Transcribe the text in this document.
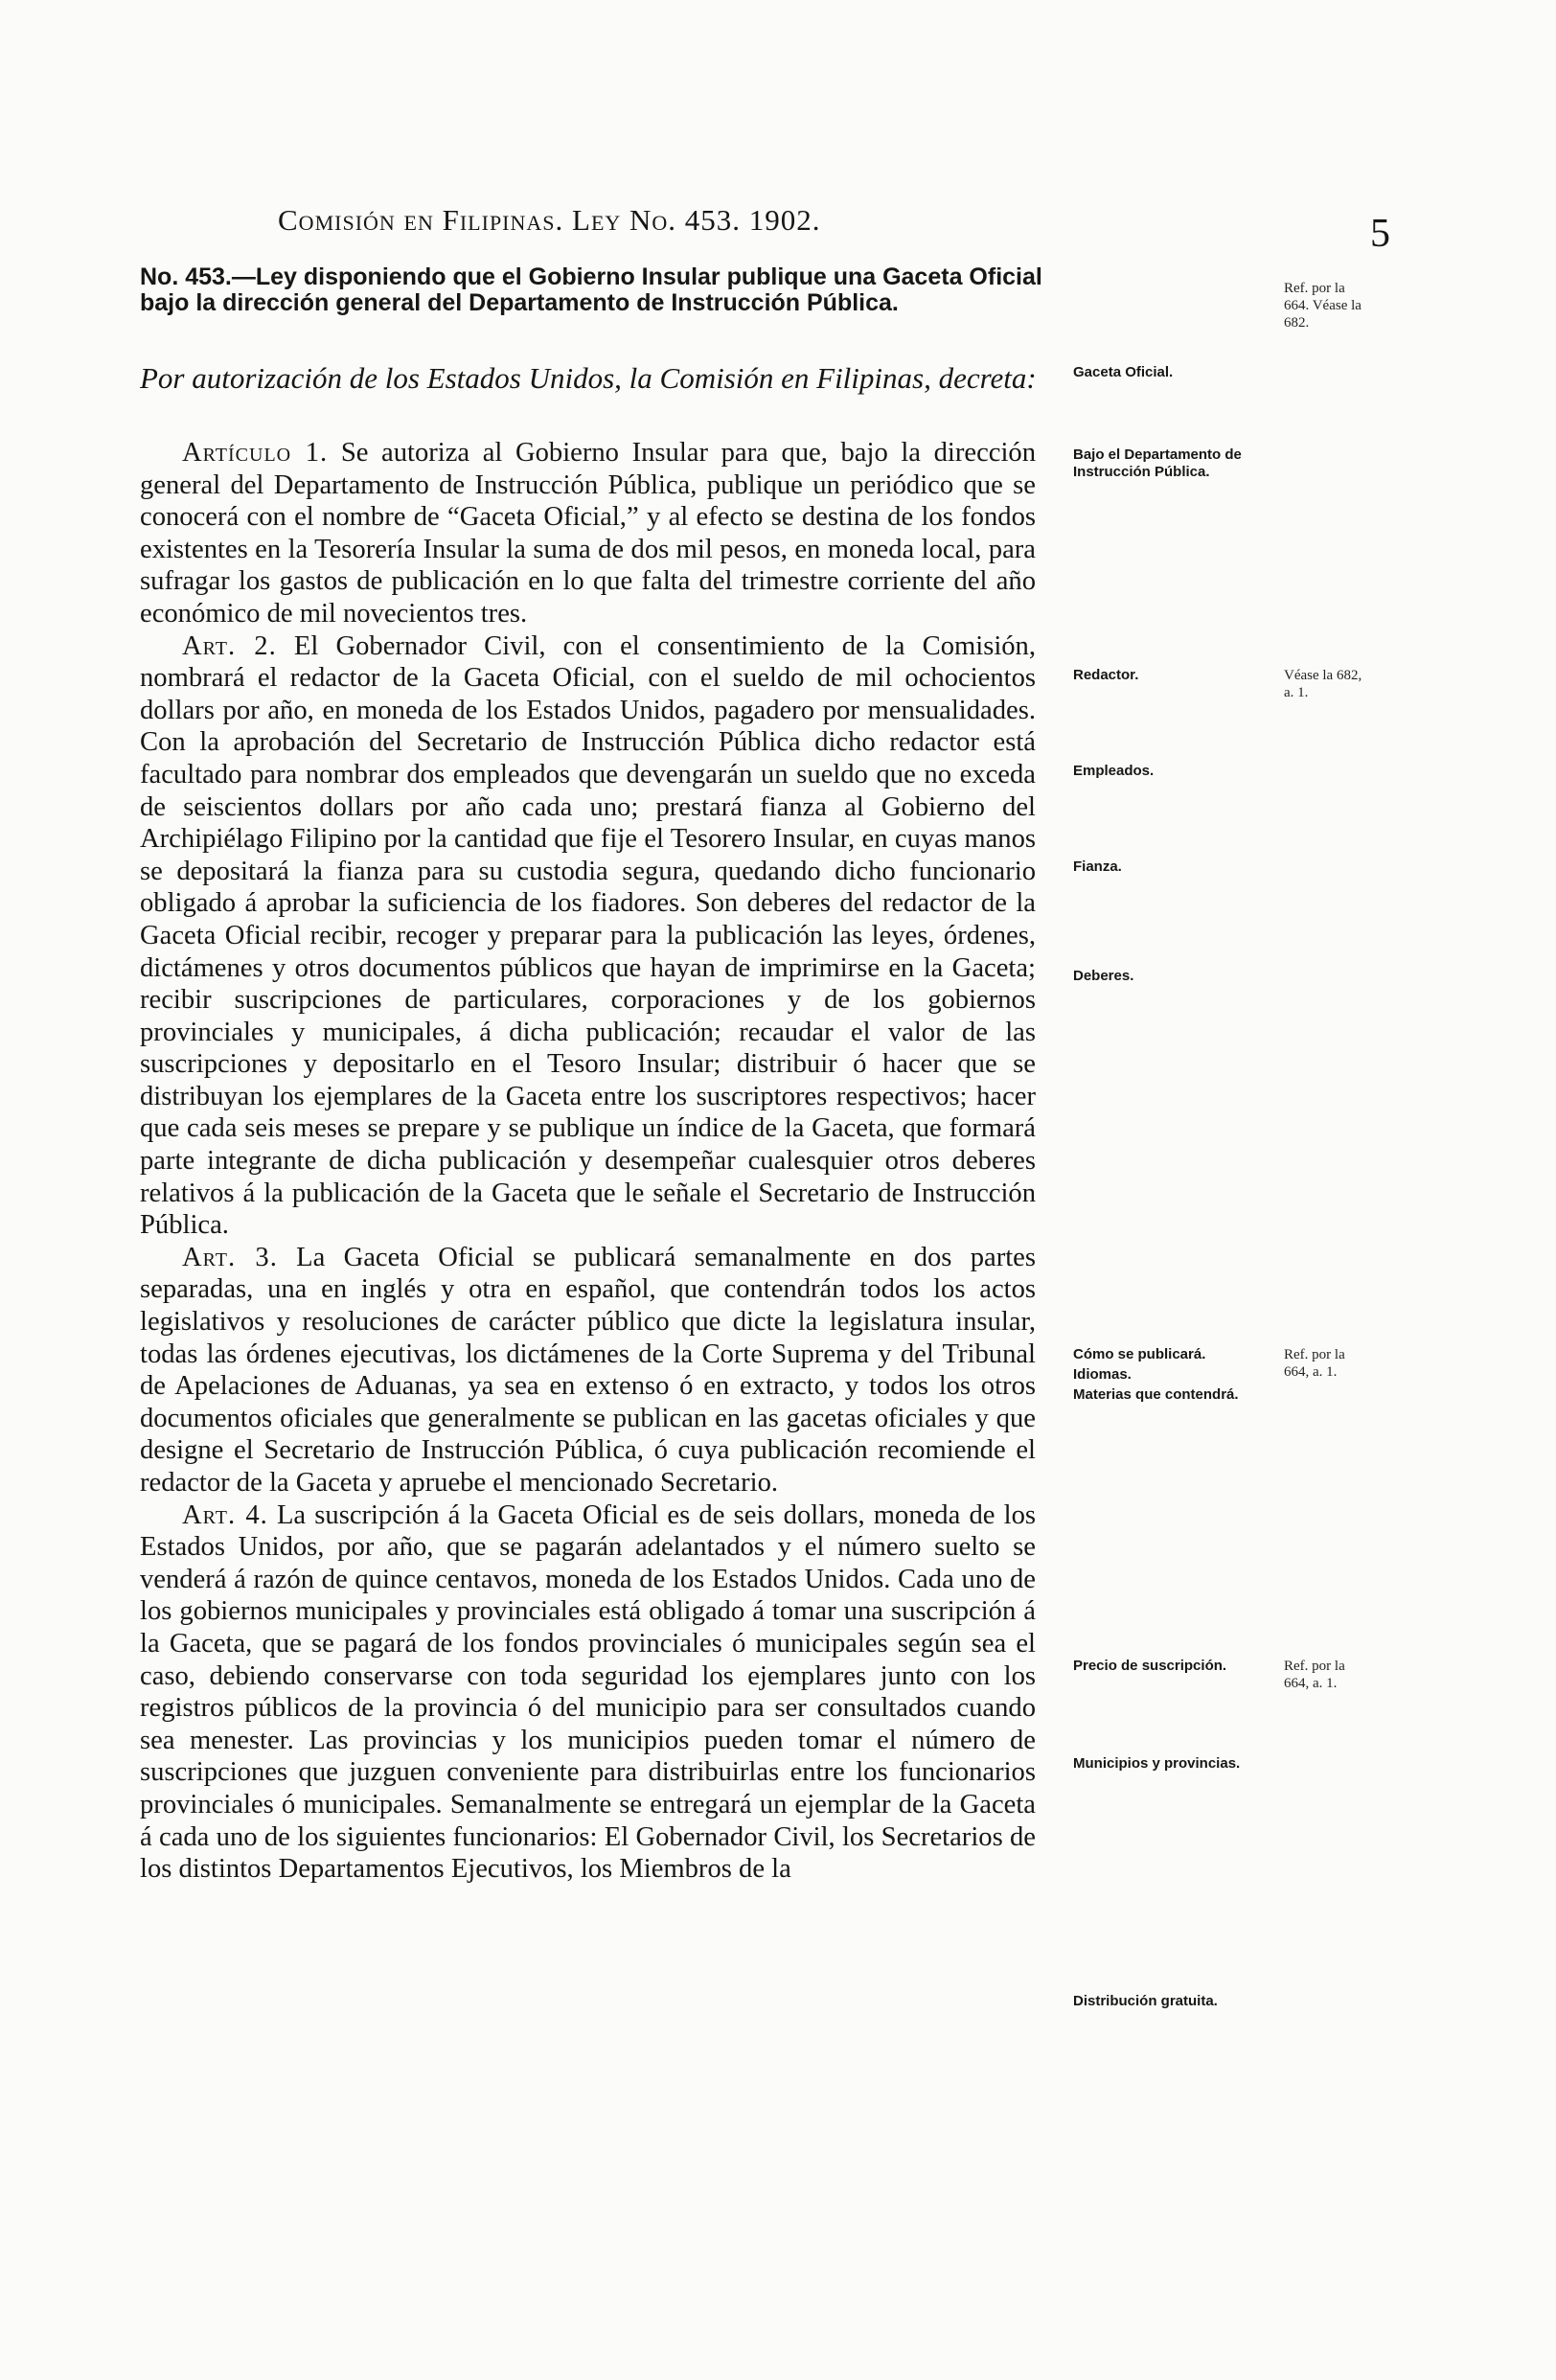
Comisión en Filipinas. Ley No. 453. 1902.	5

No. 453.—Ley disponiendo que el Gobierno Insular publique una Gaceta Oficial bajo la dirección general del Departamento de Instrucción Pública.

Por autorización de los Estados Unidos, la Comisión en Filipinas, decreta:

Artículo 1. Se autoriza al Gobierno Insular para que, bajo la dirección general del Departamento de Instrucción Pública, publique un periódico que se conocerá con el nombre de “Gaceta Oficial,” y al efecto se destina de los fondos existentes en la Tesorería Insular la suma de dos mil pesos, en moneda local, para sufragar los gastos de publicación en lo que falta del trimestre corriente del año económico de mil novecientos tres.

Art. 2. El Gobernador Civil, con el consentimiento de la Comisión, nombrará el redactor de la Gaceta Oficial, con el sueldo de mil ochocientos dollars por año, en moneda de los Estados Unidos, pagadero por mensualidades. Con la aprobación del Secretario de Instrucción Pública dicho redactor está facultado para nombrar dos empleados que devengarán un sueldo que no exceda de seiscientos dollars por año cada uno; prestará fianza al Gobierno del Archipiélago Filipino por la cantidad que fije el Tesorero Insular, en cuyas manos se depositará la fianza para su custodia segura, quedando dicho funcionario obligado á aprobar la suficiencia de los fiadores. Son deberes del redactor de la Gaceta Oficial recibir, recoger y preparar para la publicación las leyes, órdenes, dictámenes y otros documentos públicos que hayan de imprimirse en la Gaceta; recibir suscripciones de particulares, corporaciones y de los gobiernos provinciales y municipales, á dicha publicación; recaudar el valor de las suscripciones y depositarlo en el Tesoro Insular; distribuir ó hacer que se distribuyan los ejemplares de la Gaceta entre los suscriptores respectivos; hacer que cada seis meses se prepare y se publique un índice de la Gaceta, que formará parte integrante de dicha publicación y desempeñar cualesquier otros deberes relativos á la publicación de la Gaceta que le señale el Secretario de Instrucción Pública.

Art. 3. La Gaceta Oficial se publicará semanalmente en dos partes separadas, una en inglés y otra en español, que contendrán todos los actos legislativos y resoluciones de carácter público que dicte la legislatura insular, todas las órdenes ejecutivas, los dictámenes de la Corte Suprema y del Tribunal de Apelaciones de Aduanas, ya sea en extenso ó en extracto, y todos los otros documentos oficiales que generalmente se publican en las gacetas oficiales y que designe el Secretario de Instrucción Pública, ó cuya publicación recomiende el redactor de la Gaceta y apruebe el mencionado Secretario.

Art. 4. La suscripción á la Gaceta Oficial es de seis dollars, moneda de los Estados Unidos, por año, que se pagarán adelantados y el número suelto se venderá á razón de quince centavos, moneda de los Estados Unidos. Cada uno de los gobiernos municipales y provinciales está obligado á tomar una suscripción á la Gaceta, que se pagará de los fondos provinciales ó municipales según sea el caso, debiendo conservarse con toda seguridad los ejemplares junto con los registros públicos de la provincia ó del municipio para ser consultados cuando sea menester. Las provincias y los municipios pueden tomar el número de suscripciones que juzguen conveniente para distribuirlas entre los funcionarios provinciales ó municipales. Semanalmente se entregará un ejemplar de la Gaceta á cada uno de los siguientes funcionarios: El Gobernador Civil, los Secretarios de los distintos Departamentos Ejecutivos, los Miembros de la

Gaceta Oficial.
Bajo el Departamento de Instrucción Pública.
Redactor.
Empleados.
Fianza.
Deberes.
Cómo se publicará.
Idiomas.
Materias que contendrá.
Precio de suscripción.
Municipios y provincias.
Distribución gratuita.
Ref. por la 664. Véase la 682.
Véase la 682, a. 1.
Ref. por la 664, a. 1.
Ref. por la 664, a. 1.
